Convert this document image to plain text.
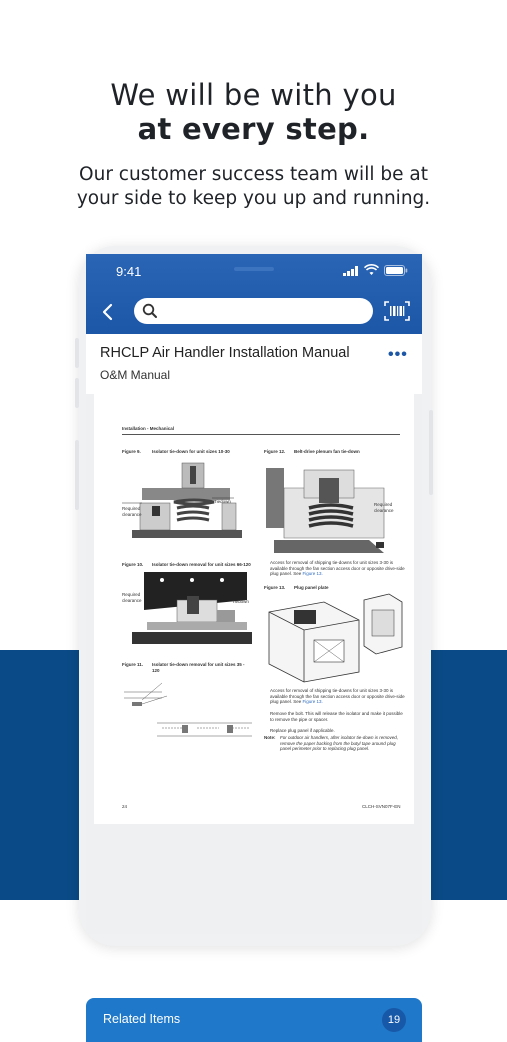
We will be with you
at every step.
Our customer success team will be at
your side to keep you up and running.
9:41
RHCLP Air Handler Installation Manual
O&M Manual
•••
Installation - Mechanical
Figure 9. Isolator tie-down for unit sizes 10-30
Required clearance
Tiedown
Figure 12. Belt-drive plenum fan tie-down
Required clearance
Figure 10. Isolator tie-down removal for unit sizes 66-120
Required clearance	Tiedown
Access for removal of shipping tie-downs for unit sizes 3-30 is available through the fan section access door or opposite drive-side plug panel. See Figure 13.
Figure 13. Plug panel plate
Figure 11. Isolator tie-down removal for unit sizes 35 - 120
Access for removal of shipping tie-downs for unit sizes 3-30 is available through the fan section access door or opposite drive-side plug panel. See Figure 13.
Remove the bolt. This will release the isolator and make it possible to remove the pipe or spacer.
Replace plug panel if applicable.
Note: For outdoor air handlers, after isolator tie-down is removed, remove the paper backing from the butyl tape around plug panel perimeter prior to replacing plug panel.
24	CLCH-SVN07F-EN
Related Items	19
